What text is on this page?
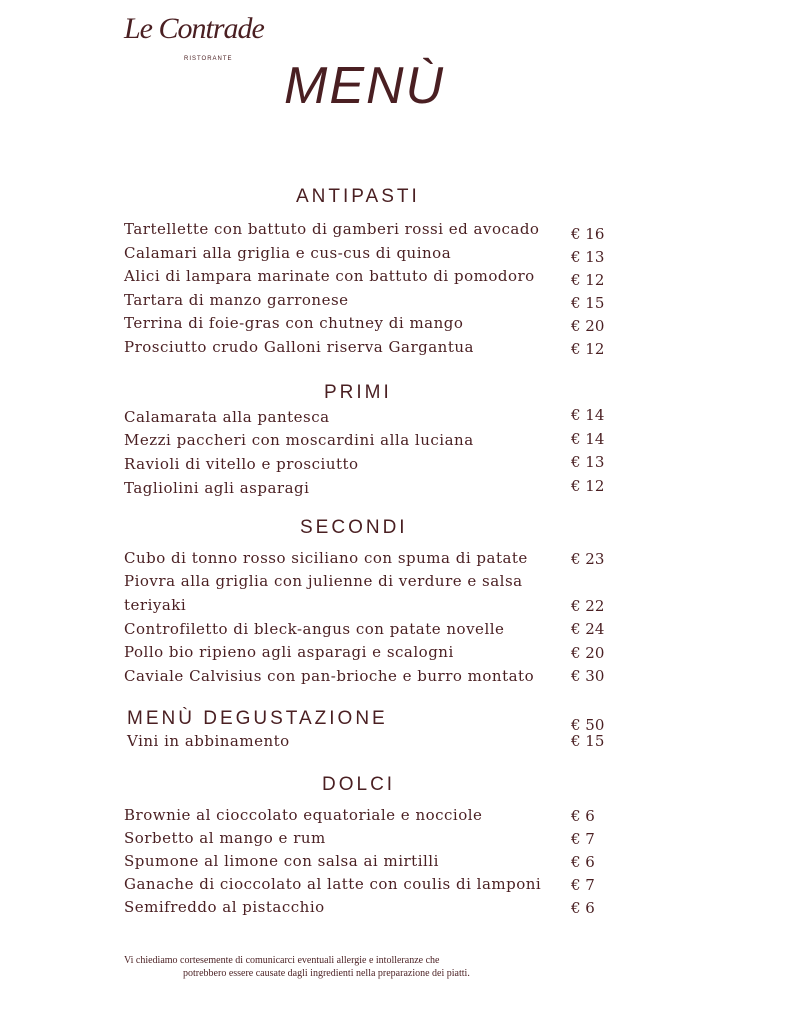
Le Contrade
RISTORANTE MENÙ
ANTIPASTI
Tartellette con battuto di gamberi rossi ed avocado € 16
Calamari alla griglia e cus-cus di quinoa	€ 13
Alici di lampara marinate con battuto di pomodoro € 12
Tartara di manzo garronese	€ 15
Terrina di foie-gras con chutney di mango	€ 20
Prosciutto crudo Galloni riserva Gargantua	€ 12
PRIMI
Calamarata alla pantesca	€ 14
Mezzi paccheri con moscardini alla luciana	€ 14
Ravioli di vitello e prosciutto	€ 13
Tagliolini agli asparagi	€ 12
SECONDI
Cubo di tonno rosso siciliano con spuma di patate	€ 23
Piovra alla griglia con julienne di verdure e salsa
teriyaki	€ 22
Controfiletto di bleck-angus con patate novelle	€ 24
Pollo bio ripieno agli asparagi e scalogni	€ 20
Caviale Calvisius con pan-brioche e burro montato € 30
MENÙ DEGUSTAZIONE	€ 50
Vini in abbinamento	€ 15
DOLCI
Brownie al cioccolato equatoriale e nocciole	€ 6
Sorbetto al mango e rum	€ 7
Spumone al limone con salsa ai mirtilli	€ 6
Ganache di cioccolato al latte con coulis di lamponi € 7
Semifreddo al pistacchio	€ 6
Vi chiediamo cortesemente di comunicarci eventuali allergie e intolleranze che
potrebbero essere causate dagli ingredienti nella preparazione dei piatti.
